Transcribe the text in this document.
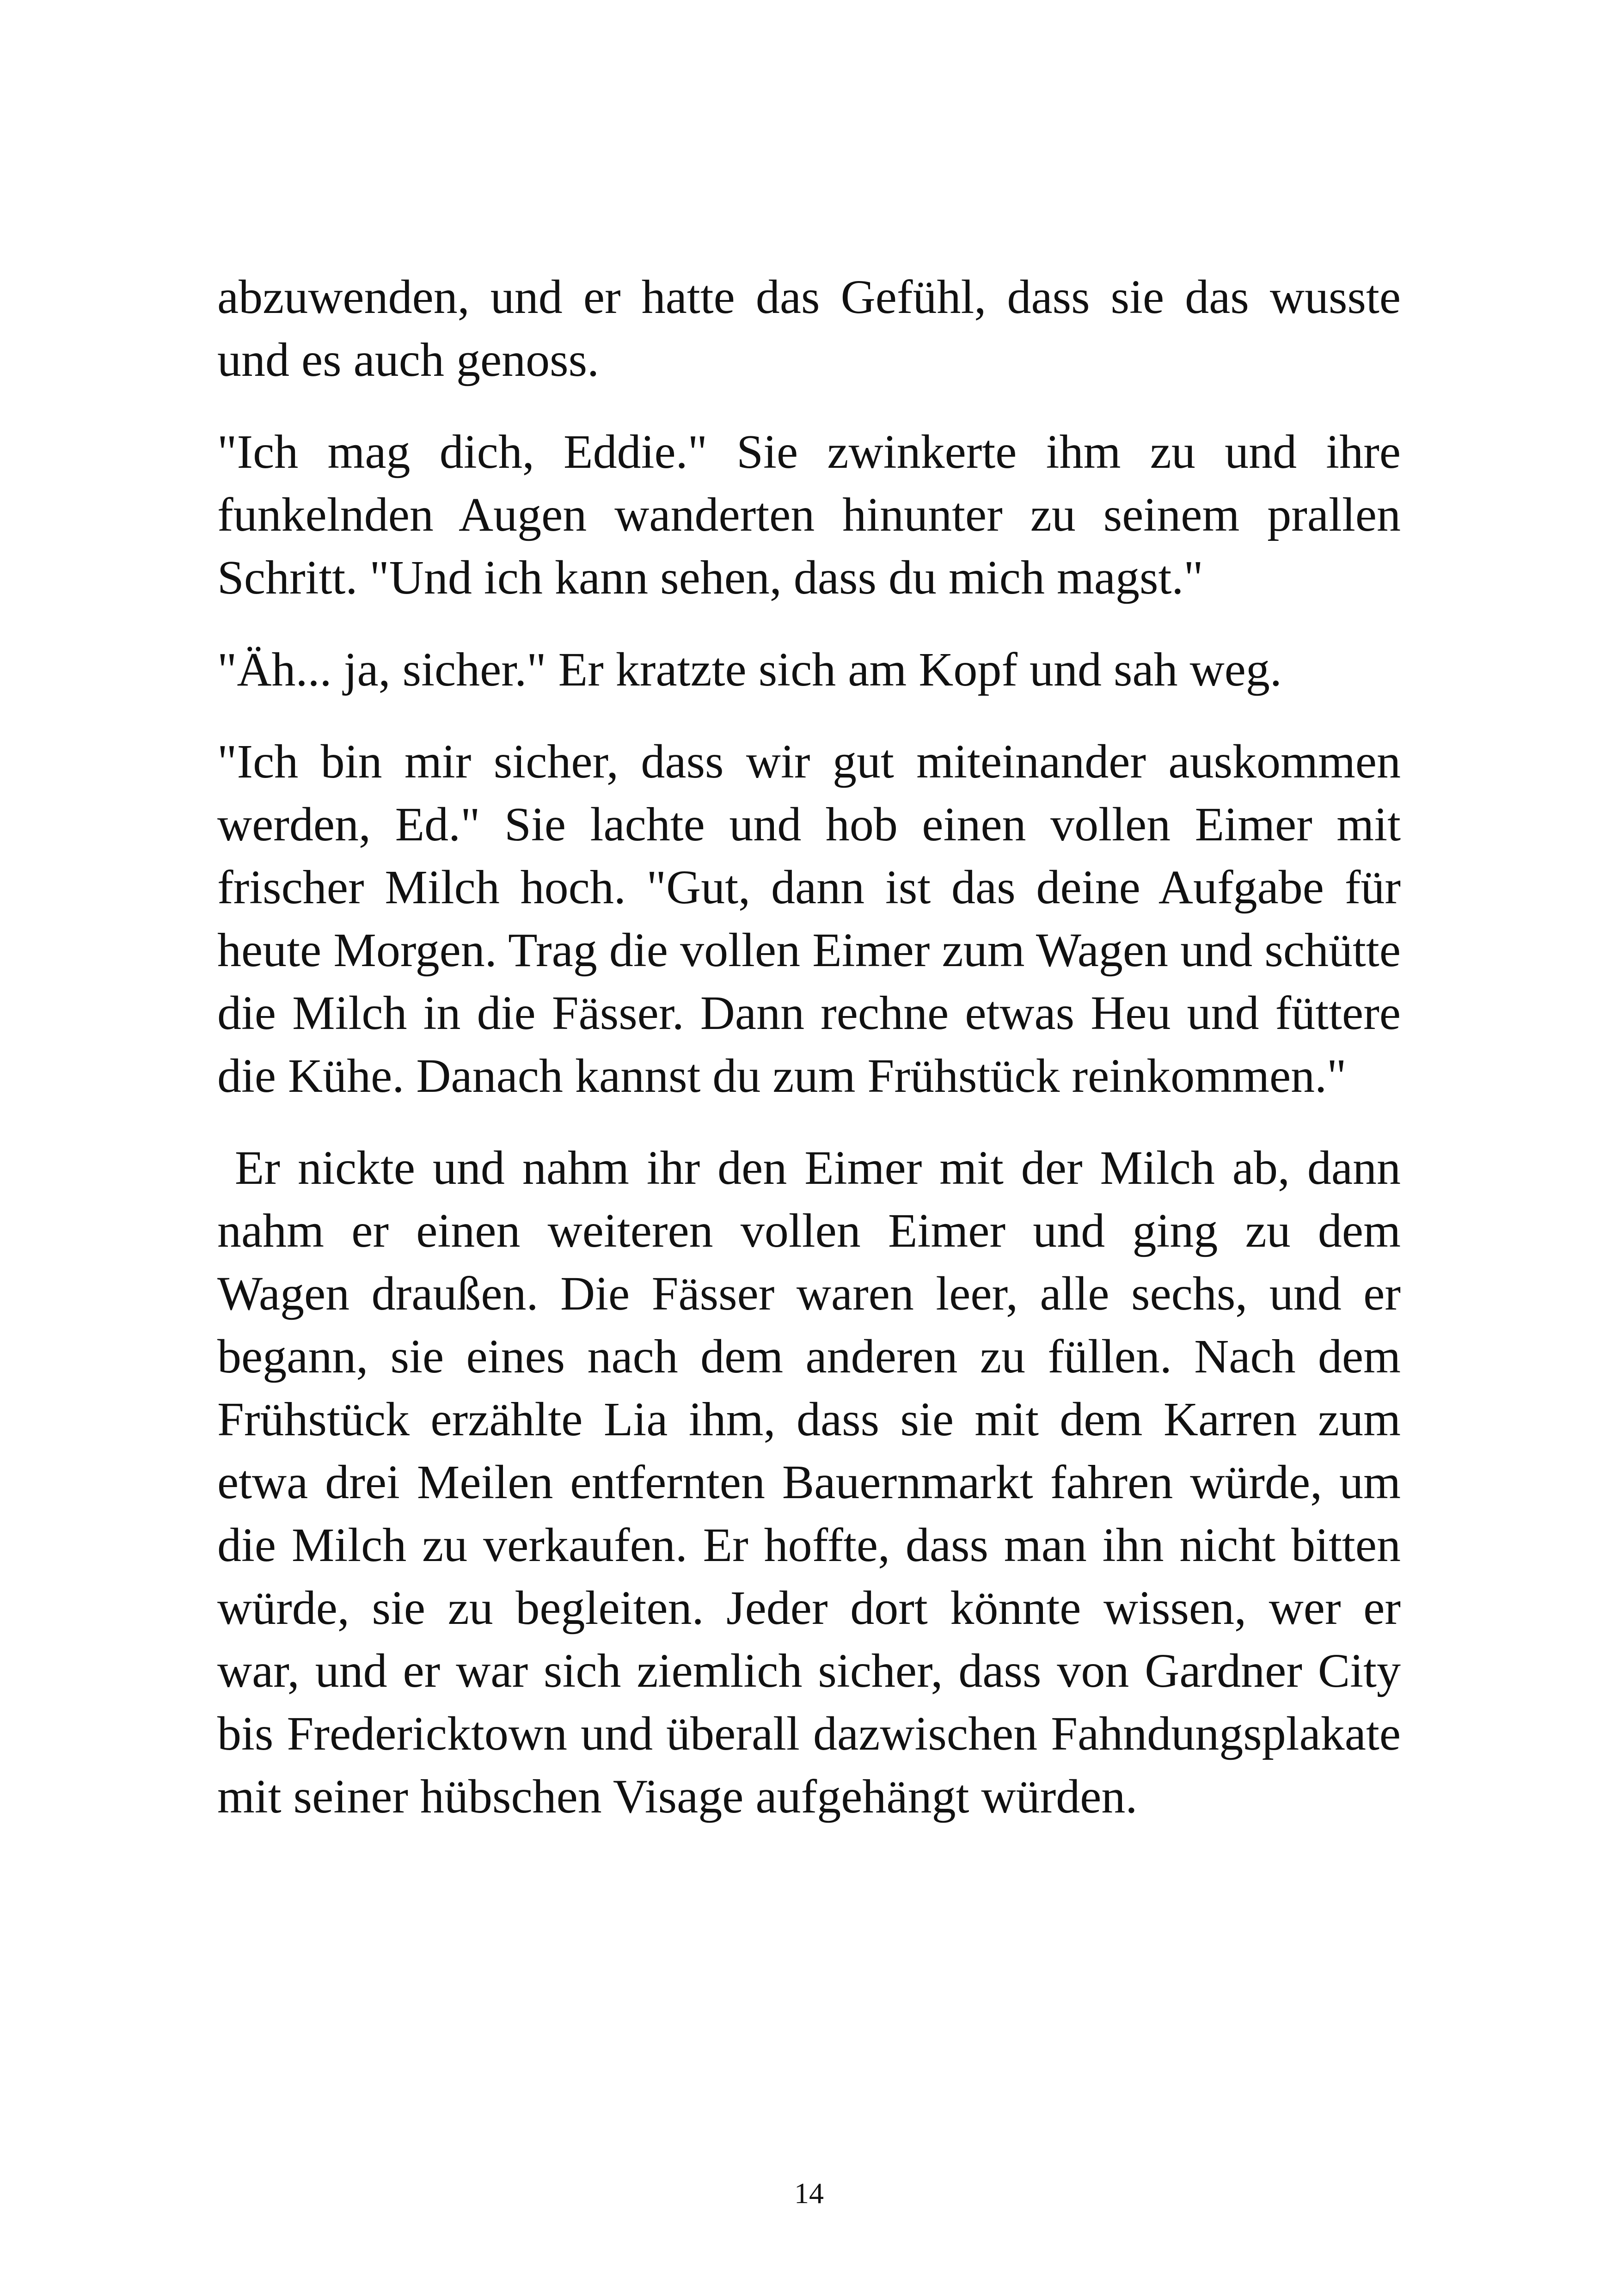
abzuwenden, und er hatte das Gefühl, dass sie das wusste und es auch genoss.

"Ich mag dich, Eddie." Sie zwinkerte ihm zu und ihre funkelnden Augen wanderten hinunter zu seinem prallen Schritt. "Und ich kann sehen, dass du mich magst."

"Äh... ja, sicher." Er kratzte sich am Kopf und sah weg.

"Ich bin mir sicher, dass wir gut miteinander auskommen werden, Ed." Sie lachte und hob einen vollen Eimer mit frischer Milch hoch. "Gut, dann ist das deine Aufgabe für heute Morgen. Trag die vollen Eimer zum Wagen und schütte die Milch in die Fässer. Dann rechne etwas Heu und füttere die Kühe. Danach kannst du zum Frühstück reinkommen."

Er nickte und nahm ihr den Eimer mit der Milch ab, dann nahm er einen weiteren vollen Eimer und ging zu dem Wagen draußen. Die Fässer waren leer, alle sechs, und er begann, sie eines nach dem anderen zu füllen. Nach dem Frühstück erzählte Lia ihm, dass sie mit dem Karren zum etwa drei Meilen entfernten Bauernmarkt fahren würde, um die Milch zu verkaufen. Er hoffte, dass man ihn nicht bitten würde, sie zu begleiten. Jeder dort könnte wissen, wer er war, und er war sich ziemlich sicher, dass von Gardner City bis Fredericktown und überall dazwischen Fahndungsplakate mit seiner hübschen Visage aufgehängt würden.

14
